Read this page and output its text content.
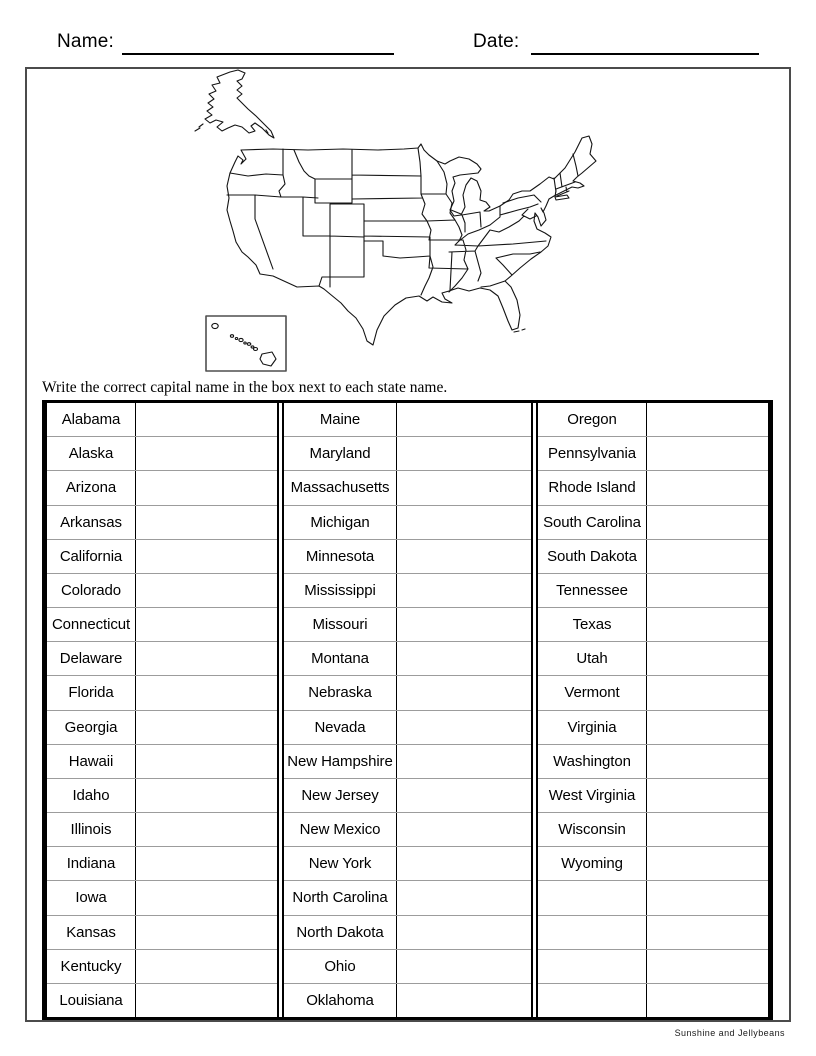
Name:	Date:
Write the correct capital name in the box next to each state name.
Alabama
Alaska
Arizona
Arkansas
California
Colorado
Connecticut
Delaware
Florida
Georgia
Hawaii
Idaho
Illinois
Indiana
Iowa
Kansas
Kentucky
Louisiana
Maine
Maryland
Massachusetts
Michigan
Minnesota
Mississippi
Missouri
Montana
Nebraska
Nevada
New Hampshire
New Jersey
New Mexico
New York
North Carolina
North Dakota
Ohio
Oklahoma
Oregon
Pennsylvania
Rhode Island
South Carolina
South Dakota
Tennessee
Texas
Utah
Vermont
Virginia
Washington
West Virginia
Wisconsin
Wyoming
Sunshine and Jellybeans
